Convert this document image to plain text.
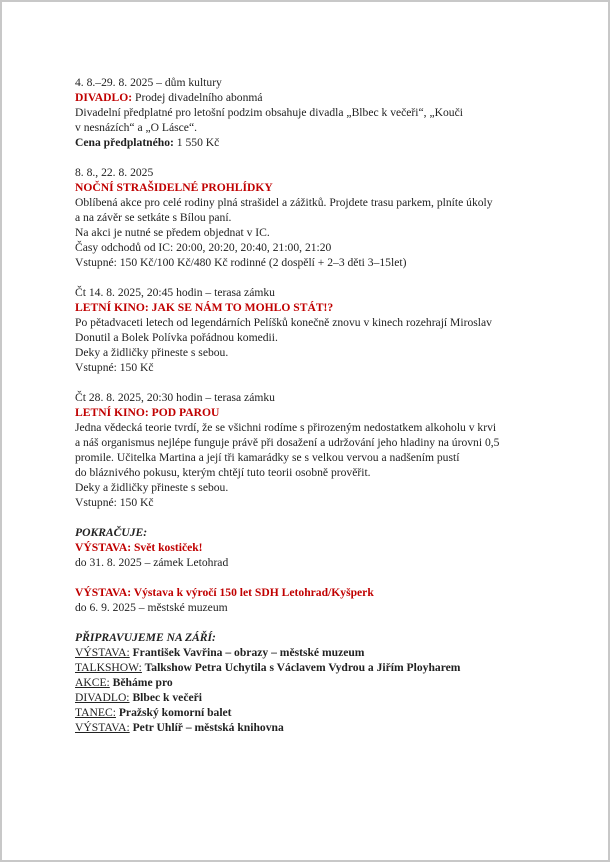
4. 8.–29. 8. 2025 – dům kultury
DIVADLO: Prodej divadelního abonmá
Divadelní předplatné pro letošní podzim obsahuje divadla „Blbec k večeři“, „Kouči
v nesnázích“ a „O Lásce“.
Cena předplatného: 1 550 Kč
8. 8., 22. 8. 2025
NOČNÍ STRAŠIDELNÉ PROHLÍDKY
Oblíbená akce pro celé rodiny plná strašidel a zážitků. Projdete trasu parkem, plníte úkoly
a na závěr se setkáte s Bílou paní.
Na akci je nutné se předem objednat v IC.
Časy odchodů od IC: 20:00, 20:20, 20:40, 21:00, 21:20
Vstupné: 150 Kč/100 Kč/480 Kč rodinné (2 dospělí + 2–3 děti 3–15let)
Čt 14. 8. 2025, 20:45 hodin – terasa zámku
LETNÍ KINO: JAK SE NÁM TO MOHLO STÁT!?
Po pětadvaceti letech od legendárních Pelíšků konečně znovu v kinech rozehrají Miroslav
Donutil a Bolek Polívka pořádnou komedii.
Deky a židličky přineste s sebou.
Vstupné: 150 Kč
Čt 28. 8. 2025, 20:30 hodin – terasa zámku
LETNÍ KINO: POD PAROU
Jedna vědecká teorie tvrdí, že se všichni rodíme s přirozeným nedostatkem alkoholu v krvi
a náš organismus nejlépe funguje právě při dosažení a udržování jeho hladiny na úrovni 0,5
promile. Učitelka Martina a její tři kamarádky se s velkou vervou a nadšením pustí
do bláznivého pokusu, kterým chtějí tuto teorii osobně prověřit.
Deky a židličky přineste s sebou.
Vstupné: 150 Kč
POKRAČUJE:
VÝSTAVA: Svět kostiček!
do 31. 8. 2025 – zámek Letohrad
VÝSTAVA: Výstava k výročí 150 let SDH Letohrad/Kyšperk
do 6. 9. 2025 – městské muzeum
PŘIPRAVUJEME NA ZÁŘÍ:
VÝSTAVA: František Vavřina – obrazy – městské muzeum
TALKSHOW: Talkshow Petra Uchytila s Václavem Vydrou a Jiřím Ployharem
AKCE: Běháme pro
DIVADLO: Blbec k večeři
TANEC: Pražský komorní balet
VÝSTAVA: Petr Uhlíř – městská knihovna
